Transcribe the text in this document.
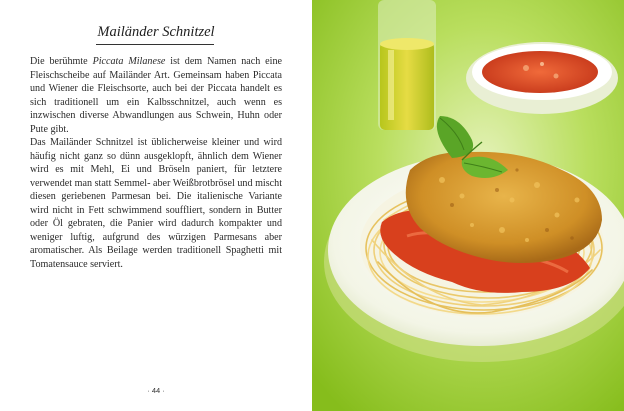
Mailänder Schnitzel

Die berühmte Piccata Milanese ist dem Namen nach eine Fleischscheibe auf Mailänder Art. Gemeinsam haben Piccata und Wiener die Fleischsorte, auch bei der Piccata handelt es sich traditionell um ein Kalbsschnitzel, auch wenn es inzwischen diverse Abwandlungen aus Schwein, Huhn oder Pute gibt.

Das Mailänder Schnitzel ist üblicherweise kleiner und wird häufig nicht ganz so dünn ausgeklopft, ähnlich dem Wiener wird es mit Mehl, Ei und Bröseln paniert, für letztere verwendet man statt Semmel- aber Weißbrotbrösel und mischt diesen geriebenen Parmesan bei. Die italienische Variante wird nicht in Fett schwimmend souffliert, sondern in Butter oder Öl gebraten, die Panier wird dadurch kompakter und weniger luftig, aufgrund des würzigen Parmesans aber aromatischer. Als Beilage werden traditionell Spaghetti mit Tomatensauce serviert.

· 44 ·
